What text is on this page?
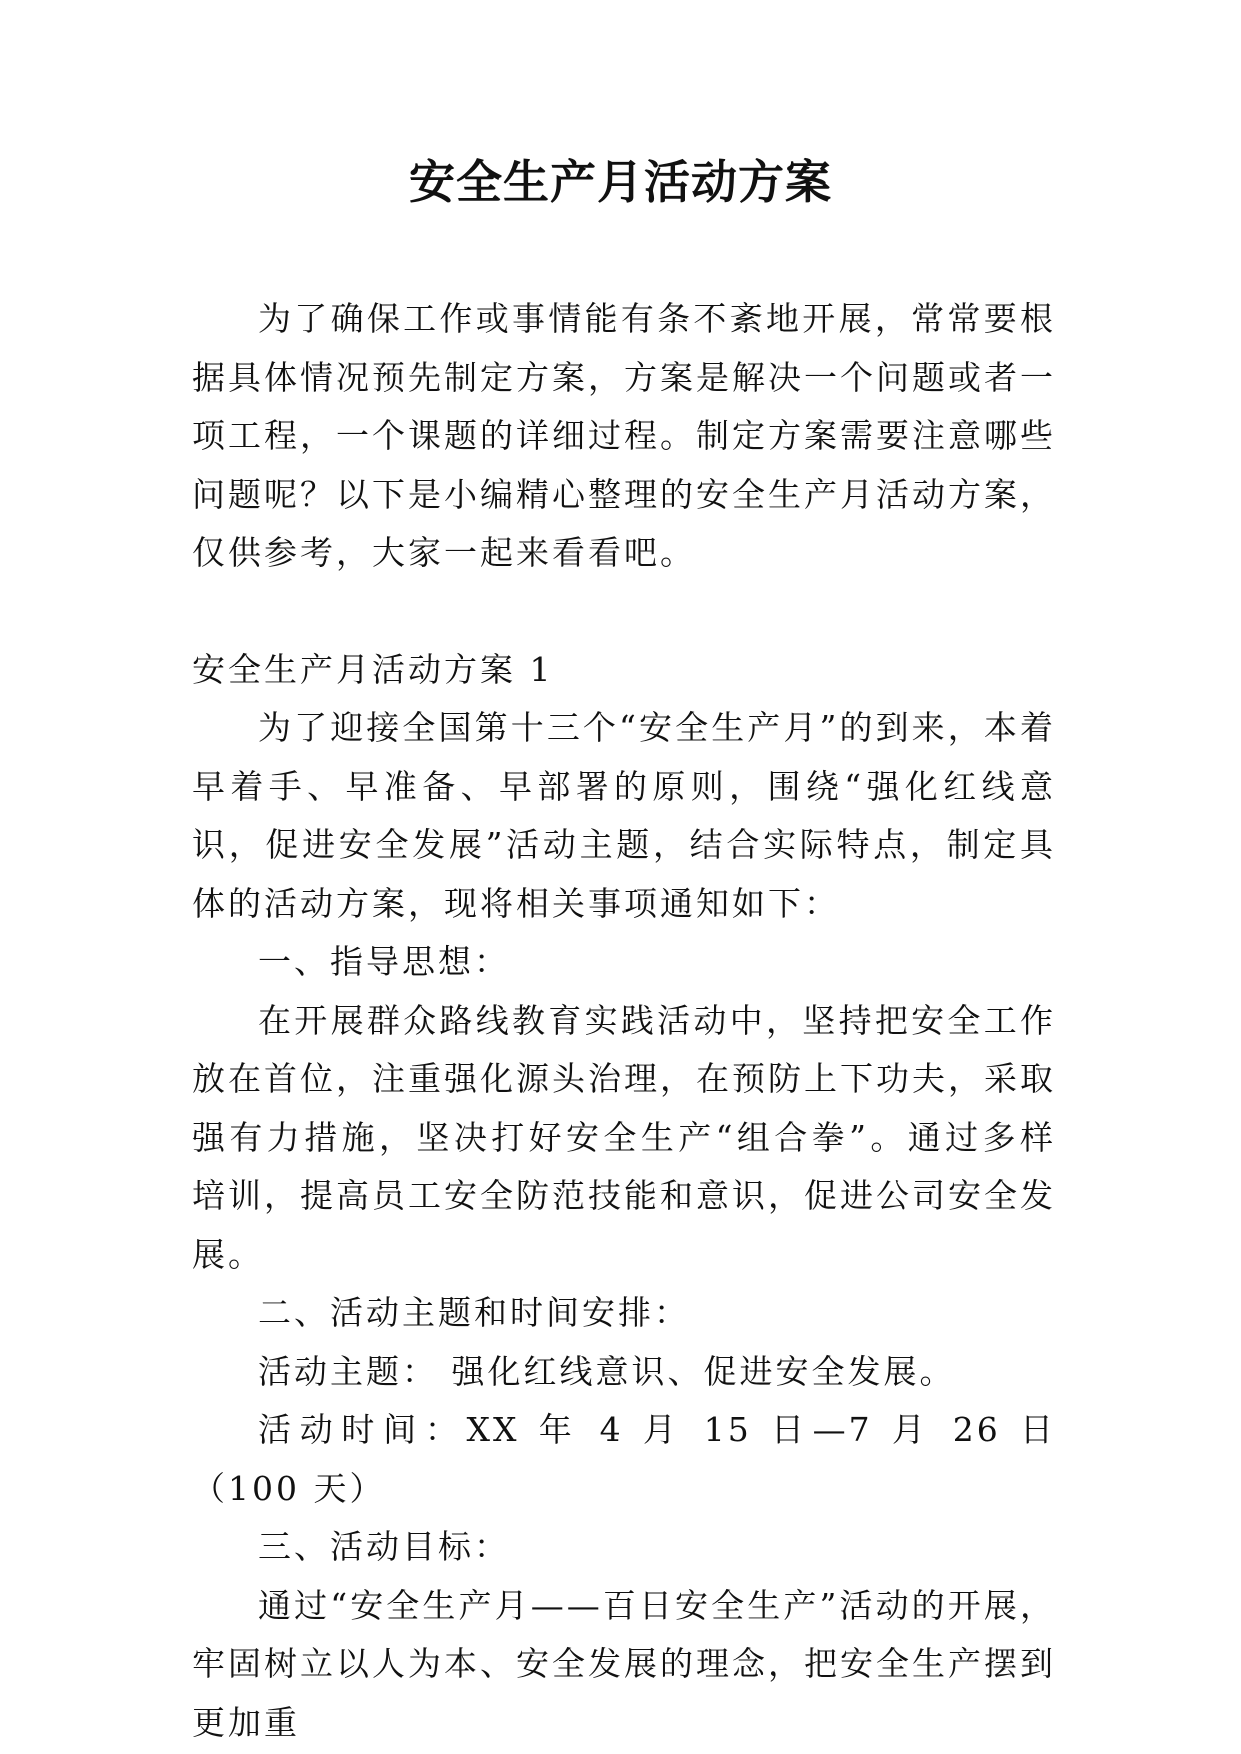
安全生产月活动方案

为了确保工作或事情能有条不紊地开展，常常要根据具体情况预先制定方案，方案是解决一个问题或者一项工程，一个课题的详细过程。制定方案需要注意哪些问题呢？以下是小编精心整理的安全生产月活动方案，仅供参考，大家一起来看看吧。

安全生产月活动方案 1

为了迎接全国第十三个“安全生产月”的到来，本着早着手、早准备、早部署的原则，围绕“强化红线意识，促进安全发展”活动主题，结合实际特点，制定具体的活动方案，现将相关事项通知如下：

一、指导思想：

在开展群众路线教育实践活动中，坚持把安全工作放在首位，注重强化源头治理，在预防上下功夫，采取强有力措施，坚决打好安全生产“组合拳”。通过多样培训，提高员工安全防范技能和意识，促进公司安全发展。

二、活动主题和时间安排：

活动主题： 强化红线意识、促进安全发展。

活动时间：XX 年 4 月 15 日—7 月 26 日（100 天）

三、活动目标：

通过“安全生产月——百日安全生产”活动的开展，牢固树立以人为本、安全发展的理念，把安全生产摆到更加重
